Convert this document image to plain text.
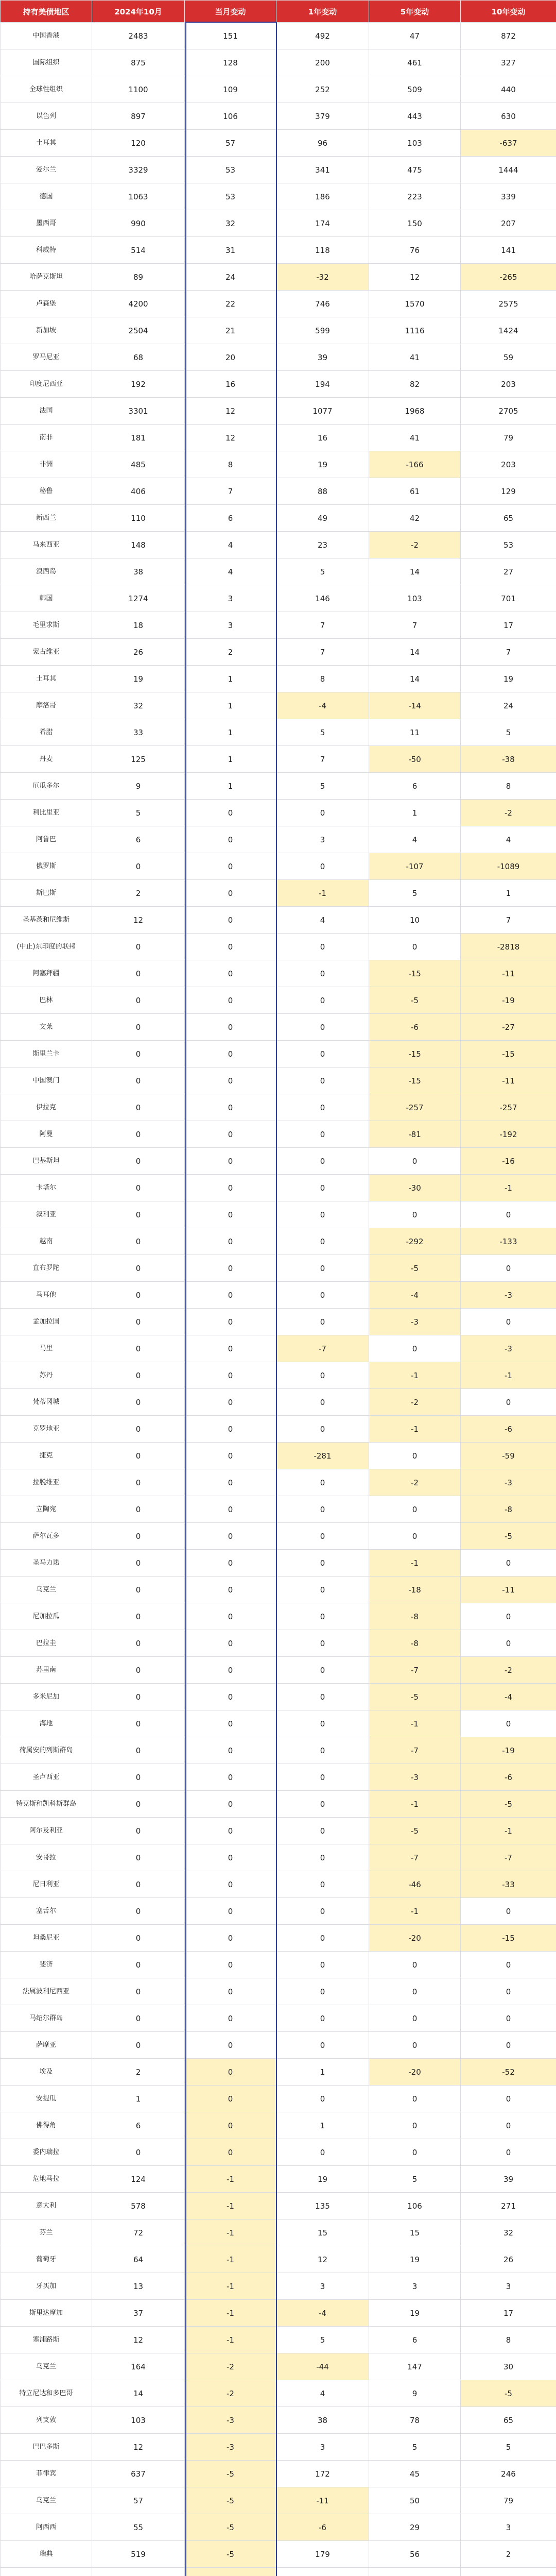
持有美债地区	2024年10月	当月变动	1年变动	5年变动	10年变动
中国香港	2483	151	492	47	872
国际组织	875	128	200	461	327
全球性组织	1100	109	252	509	440
以色列	897	106	379	443	630
土耳其	120	57	96	103	-637
爱尔兰	3329	53	341	475	1444
德国	1063	53	186	223	339
墨西哥	990	32	174	150	207
科威特	514	31	118	76	141
哈萨克斯坦	89	24	-32	12	-265
卢森堡	4200	22	746	1570	2575
新加坡	2504	21	599	1116	1424
罗马尼亚	68	20	39	41	59
印度尼西亚	192	16	194	82	203
法国	3301	12	1077	1968	2705
南非	181	12	16	41	79
非洲	485	8	19	-166	203
秘鲁	406	7	88	61	129
新西兰	110	6	49	42	65
马来西亚	148	4	23	-2	53
溴西岛	38	4	5	14	27
韩国	1274	3	146	103	701
毛里求斯	18	3	7	7	17
蒙古维亚	26	2	7	14	7
土耳其	19	1	8	14	19
摩洛哥	32	1	-4	-14	24
希腊	33	1	5	11	5
丹麦	125	1	7	-50	-38
厄瓜多尔	9	1	5	6	8
利比里亚	5	0	0	1	-2
阿鲁巴	6	0	3	4	4
俄罗斯	0	0	0	-107	-1089
斯巴斯	2	0	-1	5	1
圣基茨和尼维斯	12	0	4	10	7
(中止)东印度的联邦	0	0	0	0	-2818
阿塞拜疆	0	0	0	-15	-11
巴林	0	0	0	-5	-19
文莱	0	0	0	-6	-27
斯里兰卡	0	0	0	-15	-15
中国澳门	0	0	0	-15	-11
伊拉克	0	0	0	-257	-257
阿曼	0	0	0	-81	-192
巴基斯坦	0	0	0	0	-16
卡塔尔	0	0	0	-30	-1
叙利亚	0	0	0	0	0
越南	0	0	0	-292	-133
直布罗陀	0	0	0	-5	0
马耳他	0	0	0	-4	-3
孟加拉国	0	0	0	-3	0
马里	0	0	-7	0	-3
苏丹	0	0	0	-1	-1
梵蒂冈城	0	0	0	-2	0
克罗地亚	0	0	0	-1	-6
捷克	0	0	-281	0	-59
拉脱维亚	0	0	0	-2	-3
立陶宛	0	0	0	0	-8
萨尔瓦多	0	0	0	0	-5
圣马力诺	0	0	0	-1	0
乌克兰	0	0	0	-18	-11
尼加拉瓜	0	0	0	-8	0
巴拉圭	0	0	0	-8	0
苏里南	0	0	0	-7	-2
多米尼加	0	0	0	-5	-4
海地	0	0	0	-1	0
荷属安的列斯群岛	0	0	0	-7	-19
圣卢西亚	0	0	0	-3	-6
特克斯和凯科斯群岛	0	0	0	-1	-5
阿尔及利亚	0	0	0	-5	-1
安哥拉	0	0	0	-7	-7
尼日利亚	0	0	0	-46	-33
塞舌尔	0	0	0	-1	0
坦桑尼亚	0	0	0	-20	-15
斐济	0	0	0	0	0
法属波利尼西亚	0	0	0	0	0
马绍尔群岛	0	0	0	0	0
萨摩亚	0	0	0	0	0
埃及	2	0	1	-20	-52
安提瓜	1	0	0	0	0
佛得角	6	0	1	0	0
委内瑞拉	0	0	0	0	0
危地马拉	124	-1	19	5	39
意大利	578	-1	135	106	271
芬兰	72	-1	15	15	32
葡萄牙	64	-1	12	19	26
牙买加	13	-1	3	3	3
斯里达摩加	37	-1	-4	19	17
塞浦路斯	12	-1	5	6	8
乌克兰	164	-2	-44	147	30
特立尼达和多巴哥	14	-2	4	9	-5
列支敦	103	-3	38	78	65
巴巴多斯	12	-3	3	5	5
菲律宾	637	-5	172	45	246
乌克兰	57	-5	-11	50	79
阿西西	55	-5	-6	29	3
瑞典	519	-5	179	56	2
